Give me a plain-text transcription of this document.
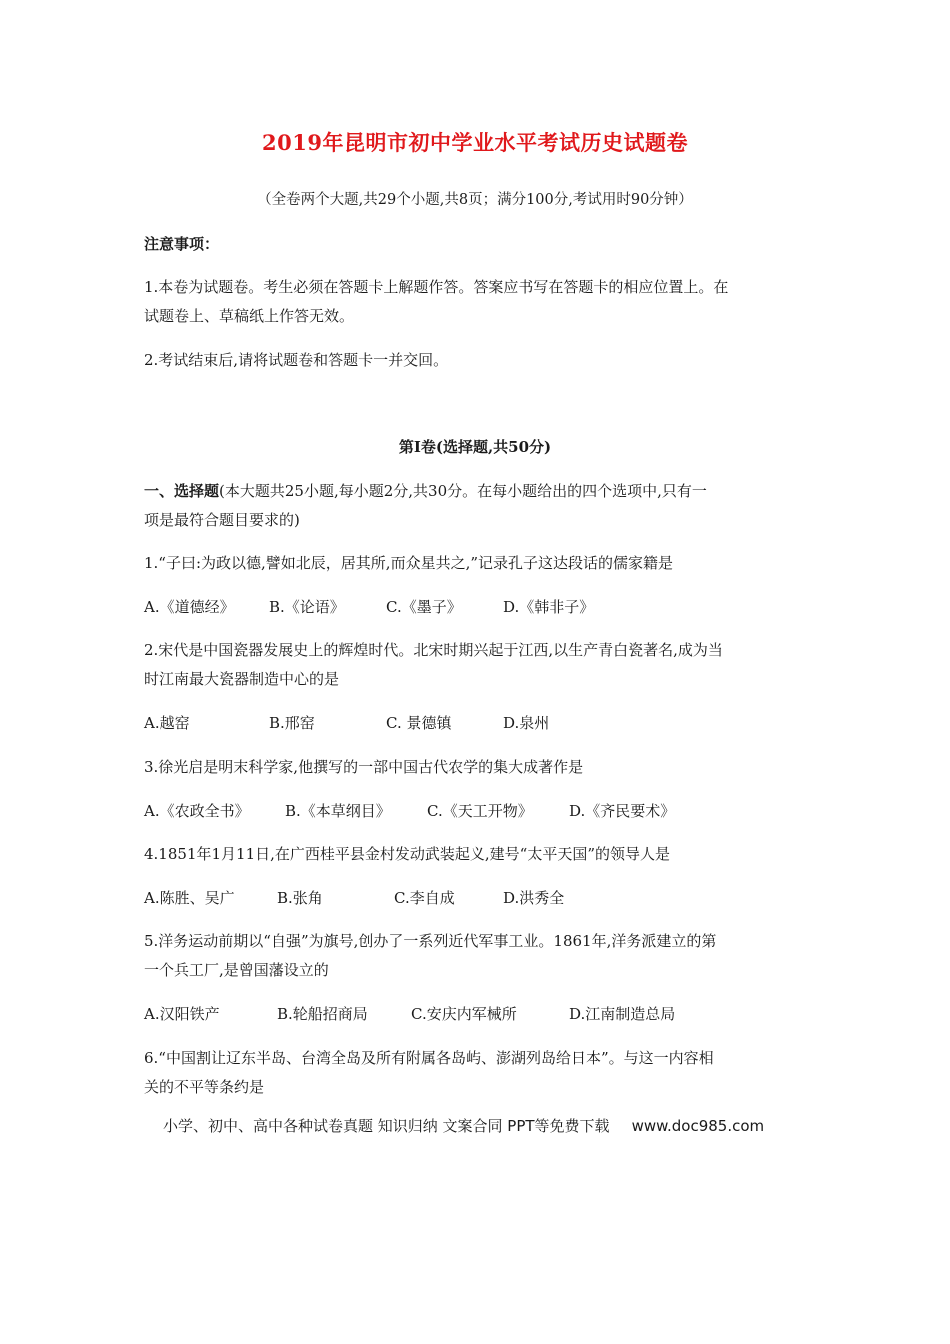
2019年昆明市初中学业水平考试历史试题卷
（全卷两个大题,共29个小题,共8页；满分100分,考试用时90分钟）
注意事项：
1.本卷为试题卷。考生必须在答题卡上解题作答。答案应书写在答题卡的相应位置上。在
试题卷上、草稿纸上作答无效。
2.考试结束后,请将试题卷和答题卡一并交回。
第Ⅰ卷(选择题,共50分)
一、选择题(本大题共25小题,每小题2分,共30分。在每小题给出的四个选项中,只有一
项是最符合题目要求的)
1.“子曰:为政以德,譬如北辰，居其所,而众星共之,”记录孔子这达段话的儒家籍是
A.《道德经》 B.《论语》	C.《墨子》	D.《韩非子》
2.宋代是中国瓷器发展史上的辉煌时代。北宋时期兴起于江西,以生产青白瓷著名,成为当
时江南最大瓷器制造中心的是
A.越窑	B.邢窑	C. 景德镇	D.泉州
3.徐光启是明末科学家,他撰写的一部中国古代农学的集大成著作是
A.《农政全书》 B.《本草纲目》 C.《天工开物》 D.《齐民要术》
4.1851年1月11日,在广西桂平县金村发动武装起义,建号“太平天国”的领导人是
A.陈胜、吴广	B.张角	C.李自成	D.洪秀全
5.洋务运动前期以“自强”为旗号,创办了一系列近代军事工业。1861年,洋务派建立的第
一个兵工厂,是曾国藩设立的
A.汉阳铁产	B.轮船招商局	C.安庆内军械所	D.江南制造总局
6.“中国割让辽东半岛、台湾全岛及所有附属各岛屿、澎湖列岛给日本”。与这一内容相
关的不平等条约是
小学、初中、高中各种试卷真题 知识归纳 文案合同 PPT等免费下载 www.doc985.com
